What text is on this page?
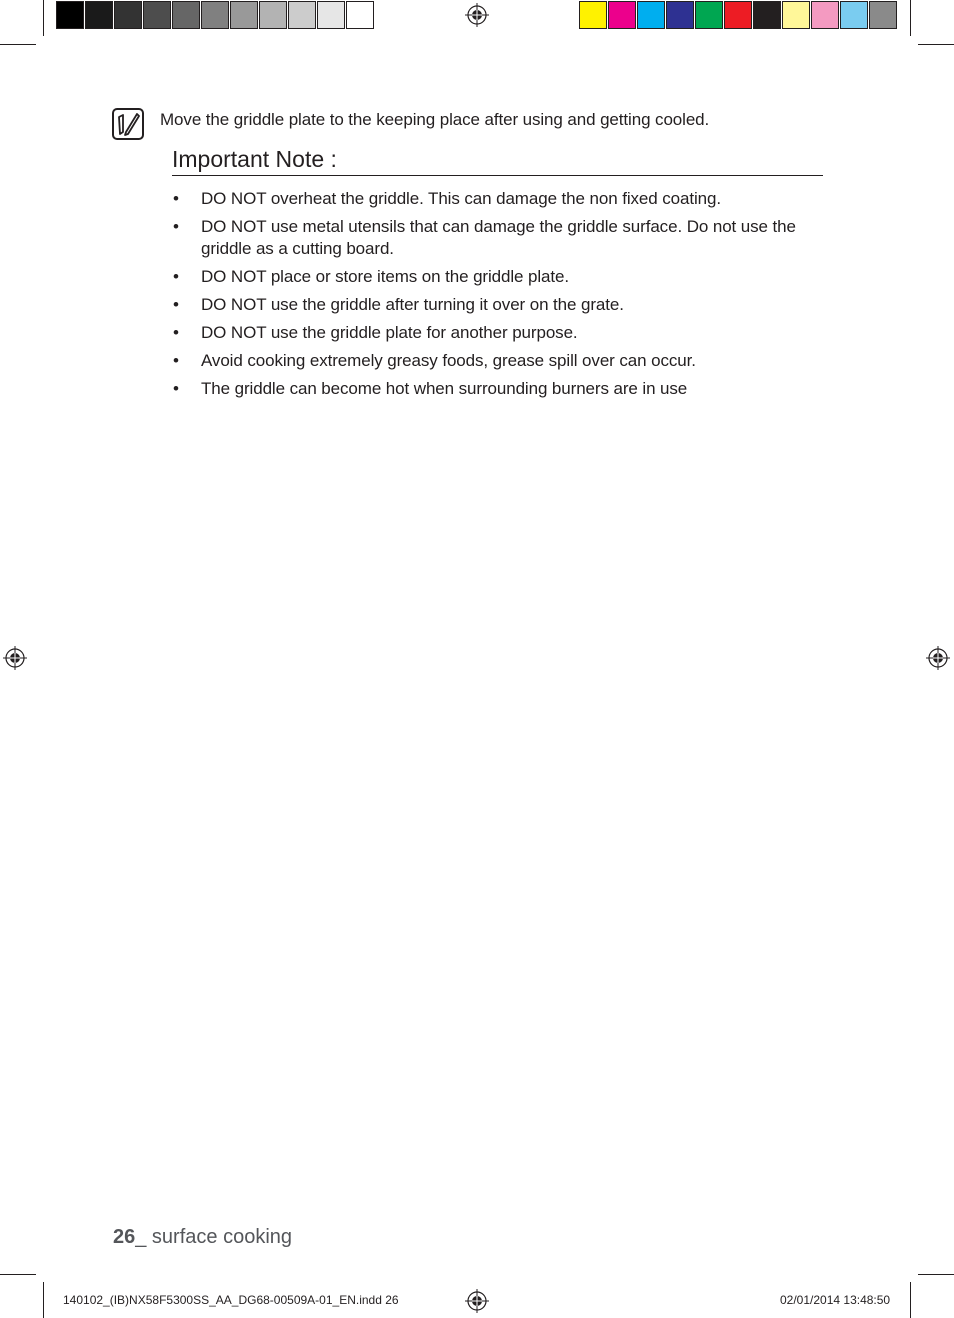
Move the griddle plate to the keeping place after using and getting cooled.
Important Note :
• DO NOT overheat the griddle. This can damage the non fixed coating.
• DO NOT use metal utensils that can damage the griddle surface. Do not use the griddle as a cutting board.
• DO NOT place or store items on the griddle plate.
• DO NOT use the griddle after turning it over on the grate.
• DO NOT use the griddle plate for another purpose.
• Avoid cooking extremely greasy foods, grease spill over can occur.
• The griddle can become hot when surrounding burners are in use
26_ surface cooking
140102_(IB)NX58F5300SS_AA_DG68-00509A-01_EN.indd 26	02/01/2014 13:48:50
